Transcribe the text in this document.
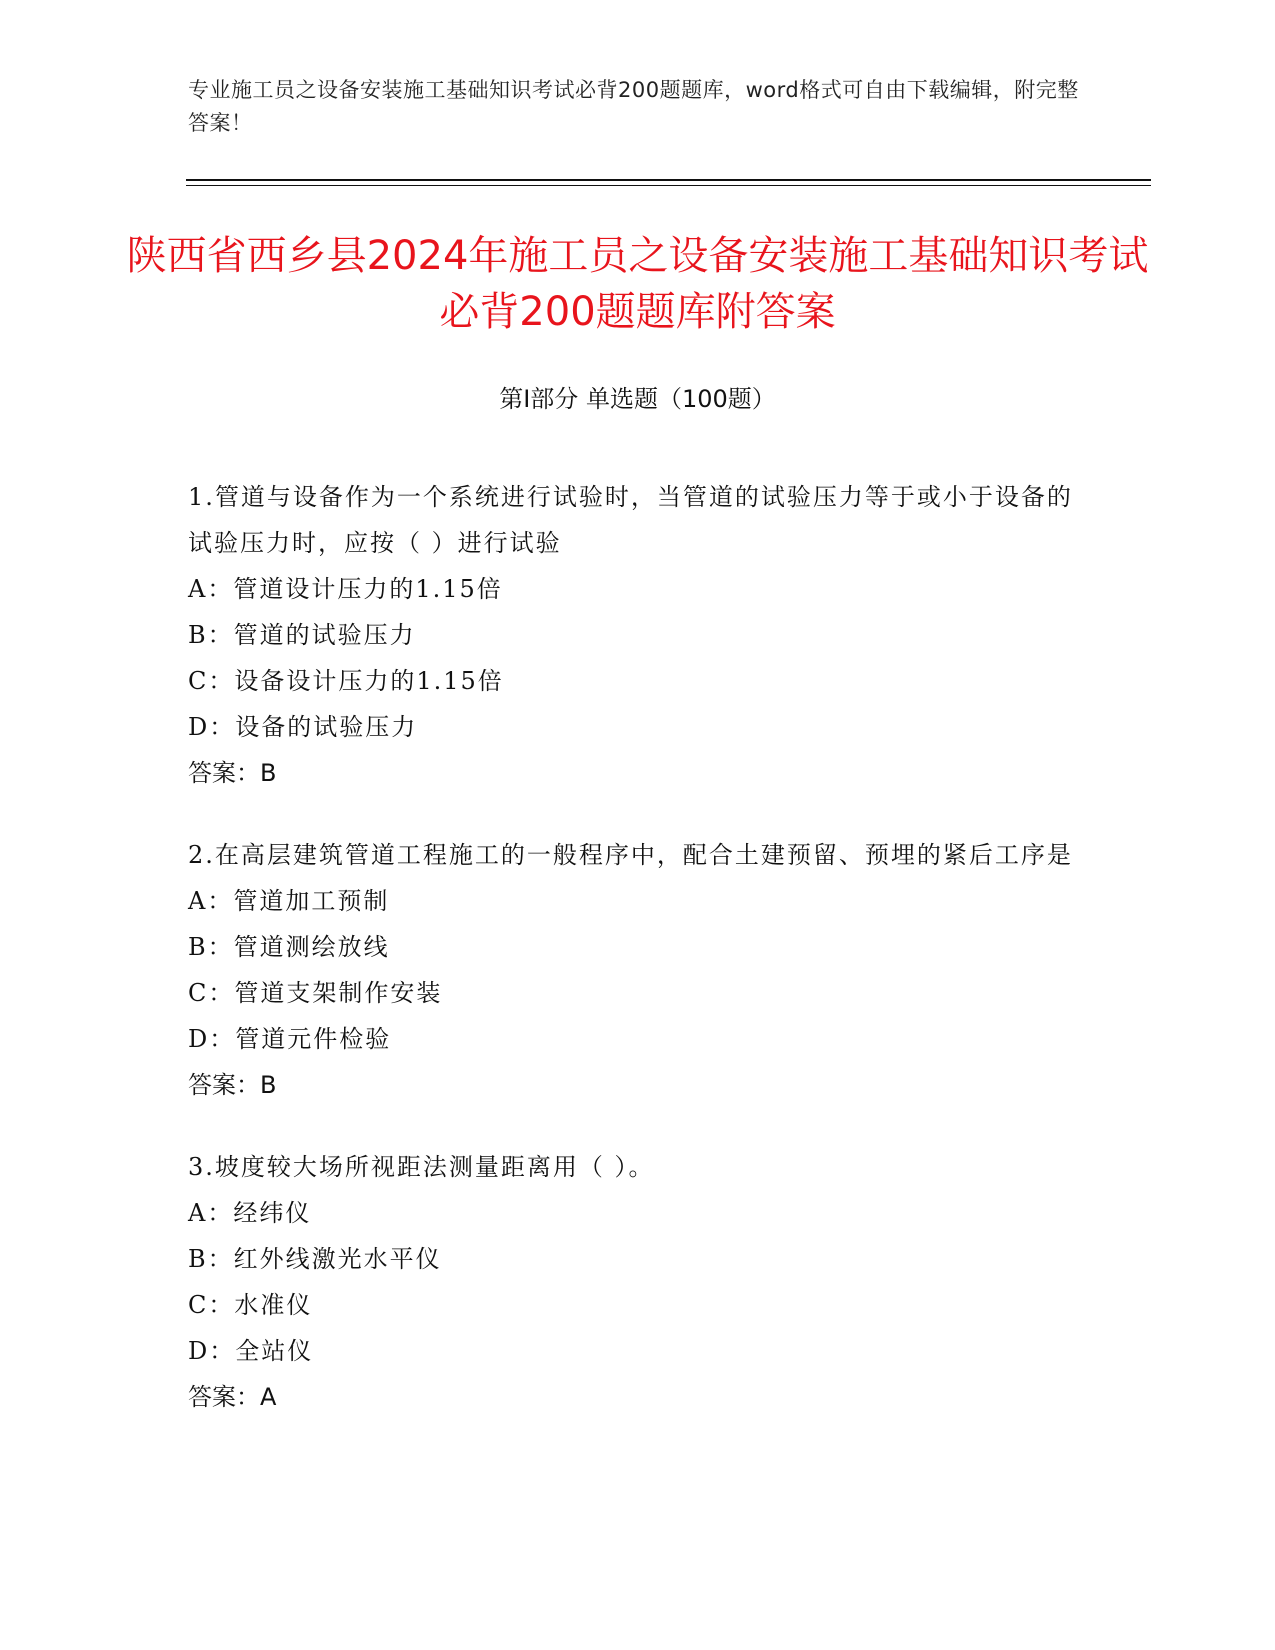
专业施工员之设备安装施工基础知识考试必背200题题库，word格式可自由下载编辑，附完整答案！
陕西省西乡县2024年施工员之设备安装施工基础知识考试必背200题题库附答案
第Ⅰ部分 单选题（100题）
1.管道与设备作为一个系统进行试验时，当管道的试验压力等于或小于设备的试验压力时，应按（ ）进行试验
A：管道设计压力的1.15倍
B：管道的试验压力
C：设备设计压力的1.15倍
D：设备的试验压力
答案：B
2.在高层建筑管道工程施工的一般程序中，配合土建预留、预埋的紧后工序是
A：管道加工预制
B：管道测绘放线
C：管道支架制作安装
D：管道元件检验
答案：B
3.坡度较大场所视距法测量距离用（ ）。
A：经纬仪
B：红外线激光水平仪
C：水准仪
D：全站仪
答案：A
